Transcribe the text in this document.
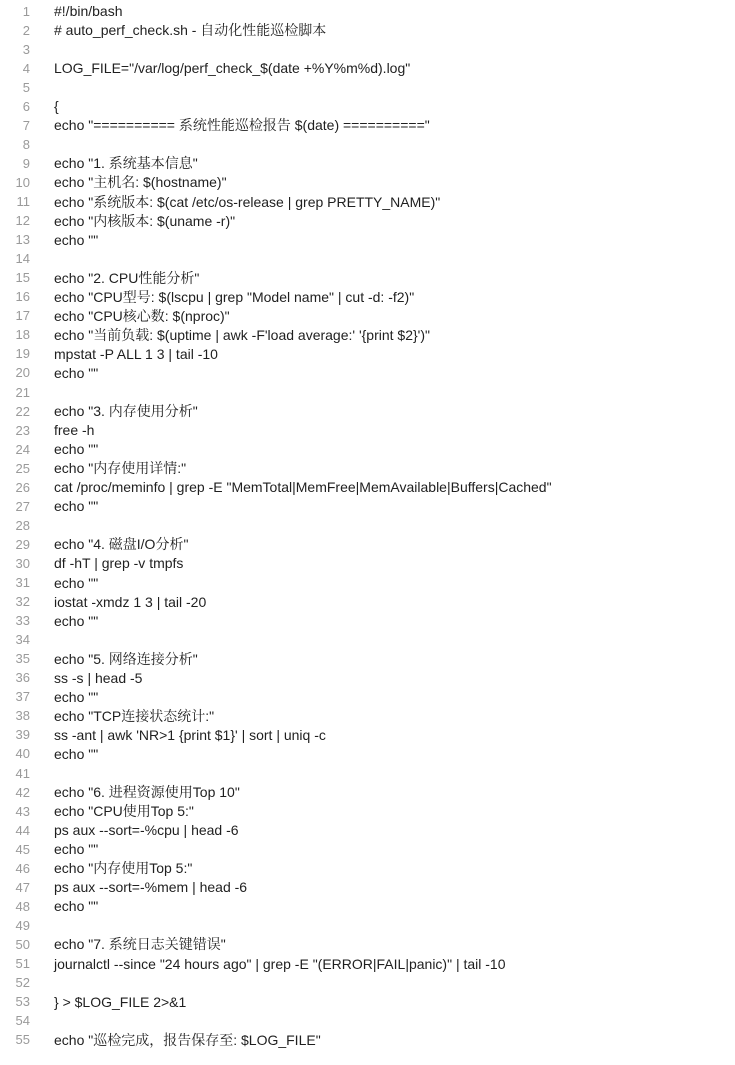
1 #!/bin/bash
2 # auto_perf_check.sh - 自动化性能巡检脚本
3
4 LOG_FILE="/var/log/perf_check_$(date +%Y%m%d).log"
5
6 {
7 echo "========== 系统性能巡检报告 $(date) =========="
8
9 echo "1. 系统基本信息"
10 echo "主机名: $(hostname)"
11 echo "系统版本: $(cat /etc/os-release | grep PRETTY_NAME)"
12 echo "内核版本: $(uname -r)"
13 echo ""
14
15 echo "2. CPU性能分析"
16 echo "CPU型号: $(lscpu | grep "Model name" | cut -d: -f2)"
17 echo "CPU核心数: $(nproc)"
18 echo "当前负载: $(uptime | awk -F'load average:' '{print $2}')"
19 mpstat -P ALL 1 3 | tail -10
20 echo ""
21
22 echo "3. 内存使用分析"
23 free -h
24 echo ""
25 echo "内存使用详情:"
26 cat /proc/meminfo | grep -E "MemTotal|MemFree|MemAvailable|Buffers|Cached"
27 echo ""
28
29 echo "4. 磁盘I/O分析"
30 df -hT | grep -v tmpfs
31 echo ""
32 iostat -xmdz 1 3 | tail -20
33 echo ""
34
35 echo "5. 网络连接分析"
36 ss -s | head -5
37 echo ""
38 echo "TCP连接状态统计:"
39 ss -ant | awk 'NR>1 {print $1}' | sort | uniq -c
40 echo ""
41
42 echo "6. 进程资源使用Top 10"
43 echo "CPU使用Top 5:"
44 ps aux --sort=-%cpu | head -6
45 echo ""
46 echo "内存使用Top 5:"
47 ps aux --sort=-%mem | head -6
48 echo ""
49
50 echo "7. 系统日志关键错误"
51 journalctl --since "24 hours ago" | grep -E "(ERROR|FAIL|panic)" | tail -10
52
53 } > $LOG_FILE 2>&1
54
55 echo "巡检完成，报告保存至: $LOG_FILE"
